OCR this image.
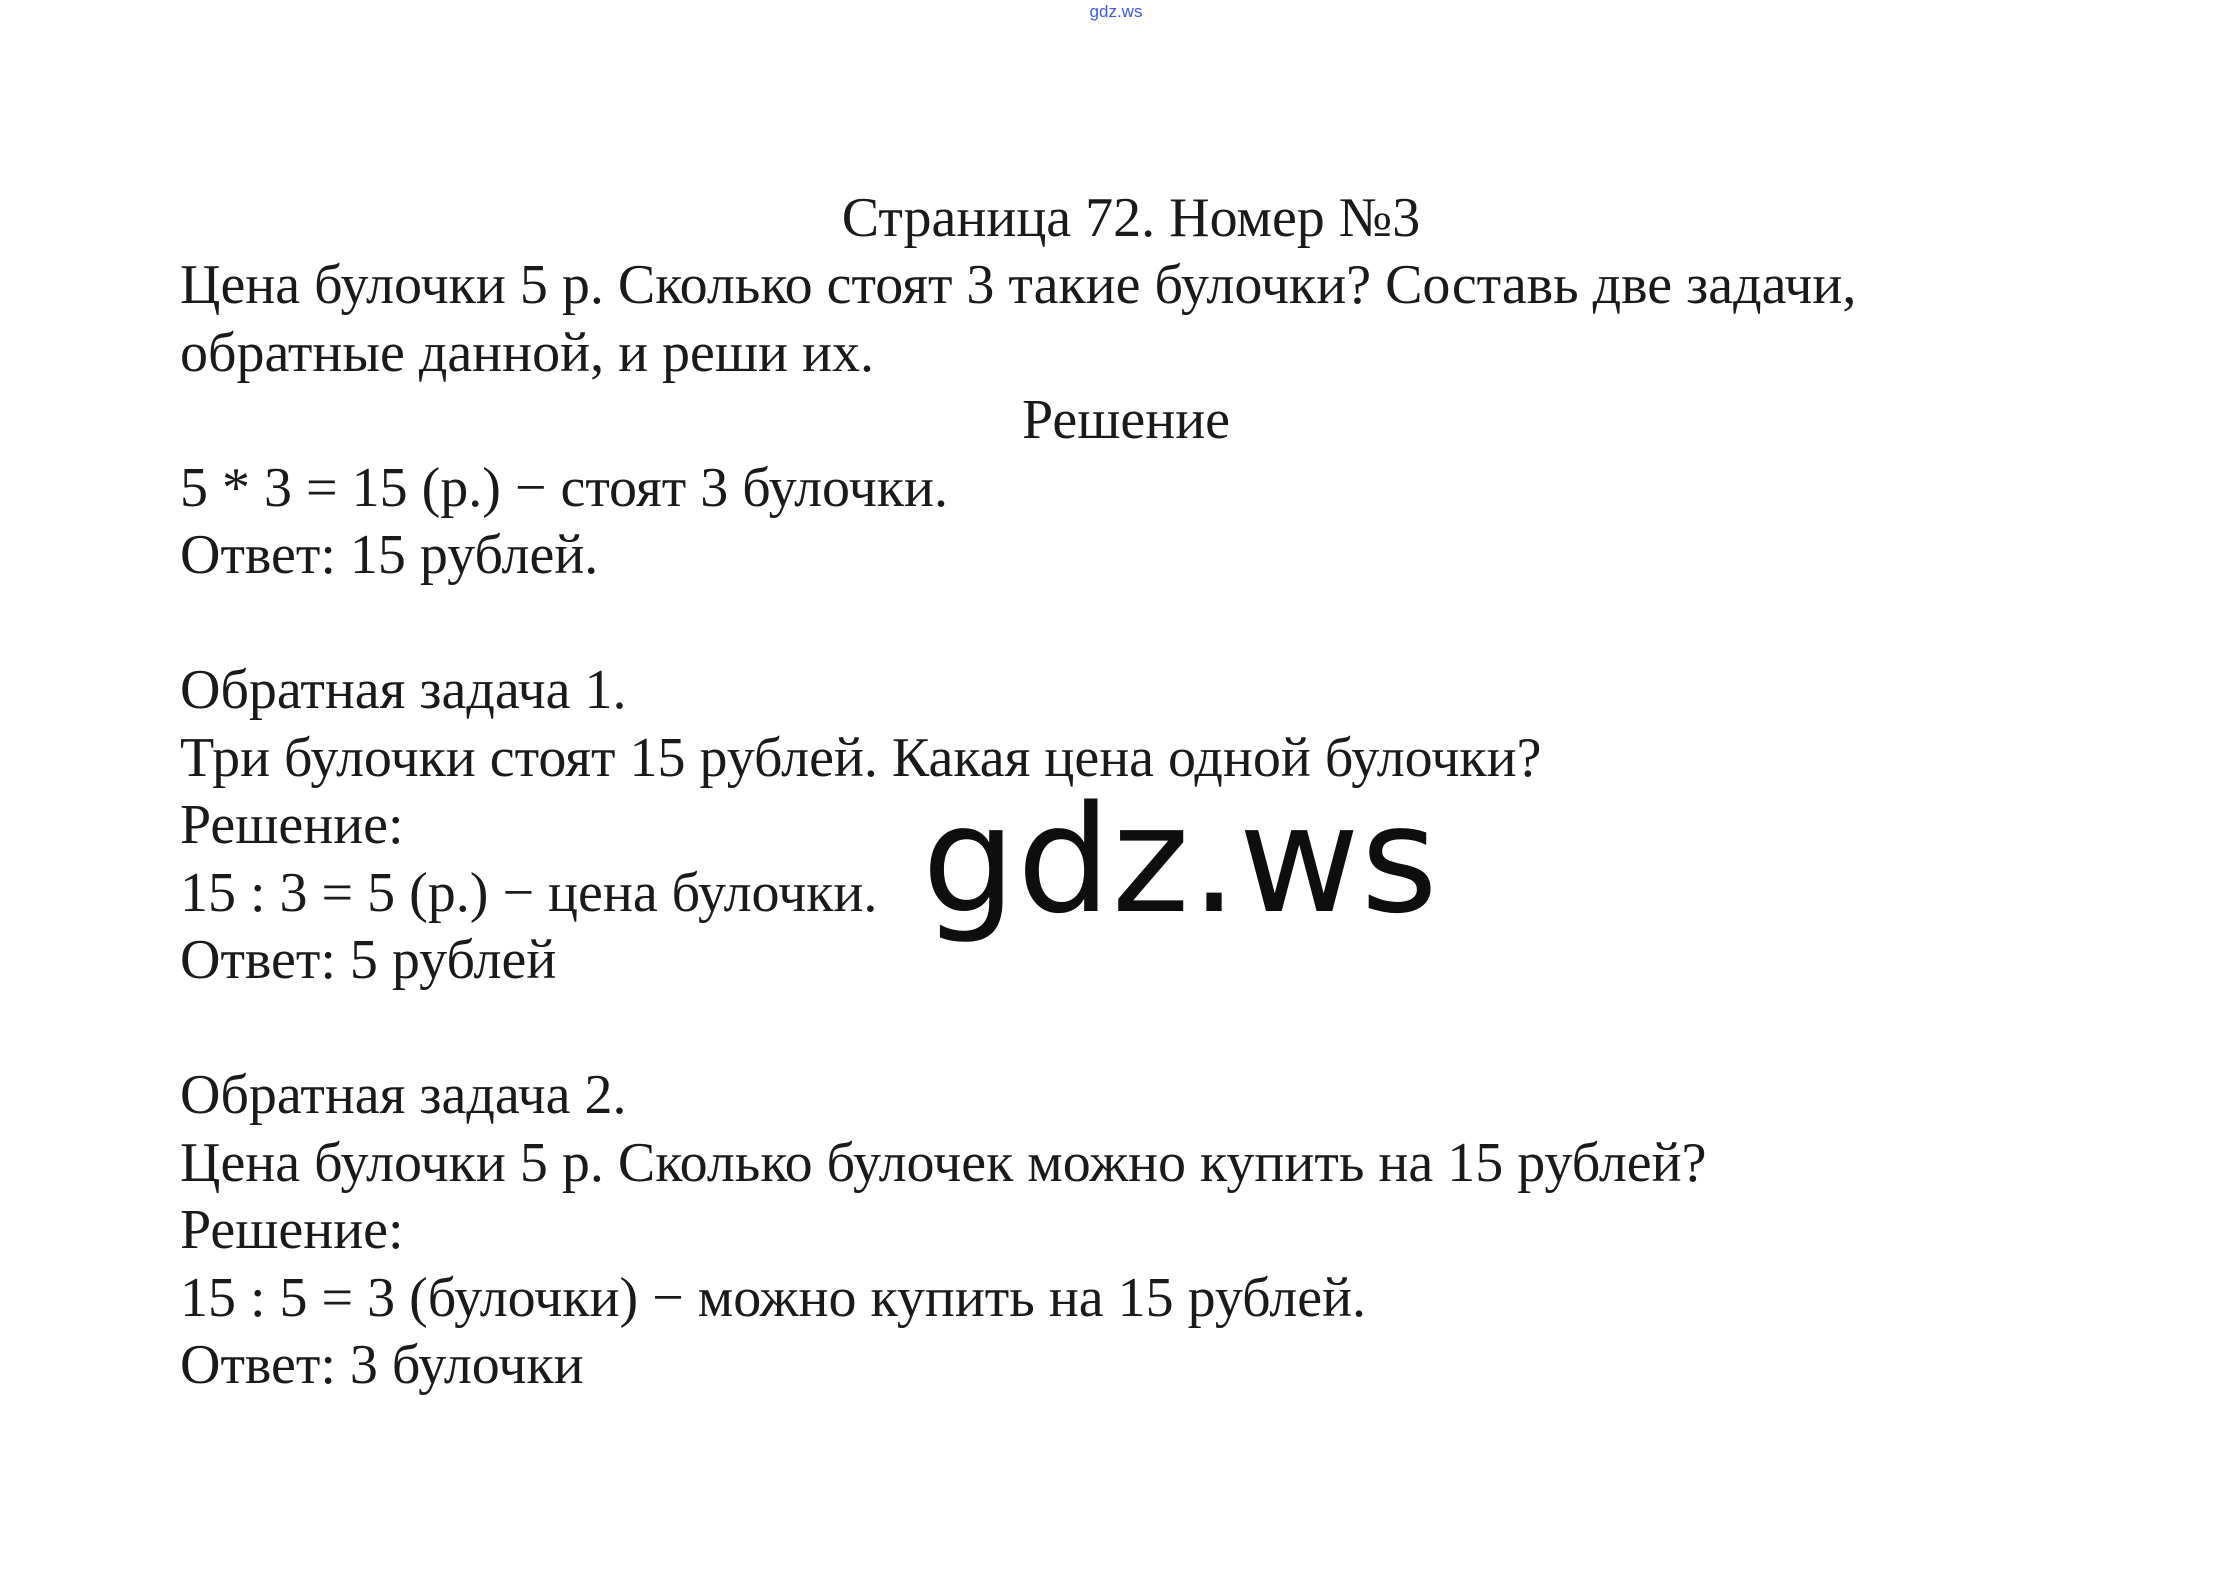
gdz.ws
Страница 72. Номер №3
Цена булочки 5 р. Сколько стоят 3 такие булочки? Составь две задачи,
обратные данной, и реши их.
Решение
5 * 3 = 15 (р.) − стоят 3 булочки.
Ответ: 15 рублей.
Обратная задача 1.
Три булочки стоят 15 рублей. Какая цена одной булочки?
Решение:
15 : 3 = 5 (р.) − цена булочки.
Ответ: 5 рублей
Обратная задача 2.
Цена булочки 5 р. Сколько булочек можно купить на 15 рублей?
Решение:
15 : 5 = 3 (булочки) − можно купить на 15 рублей.
Ответ: 3 булочки
gdz.ws
